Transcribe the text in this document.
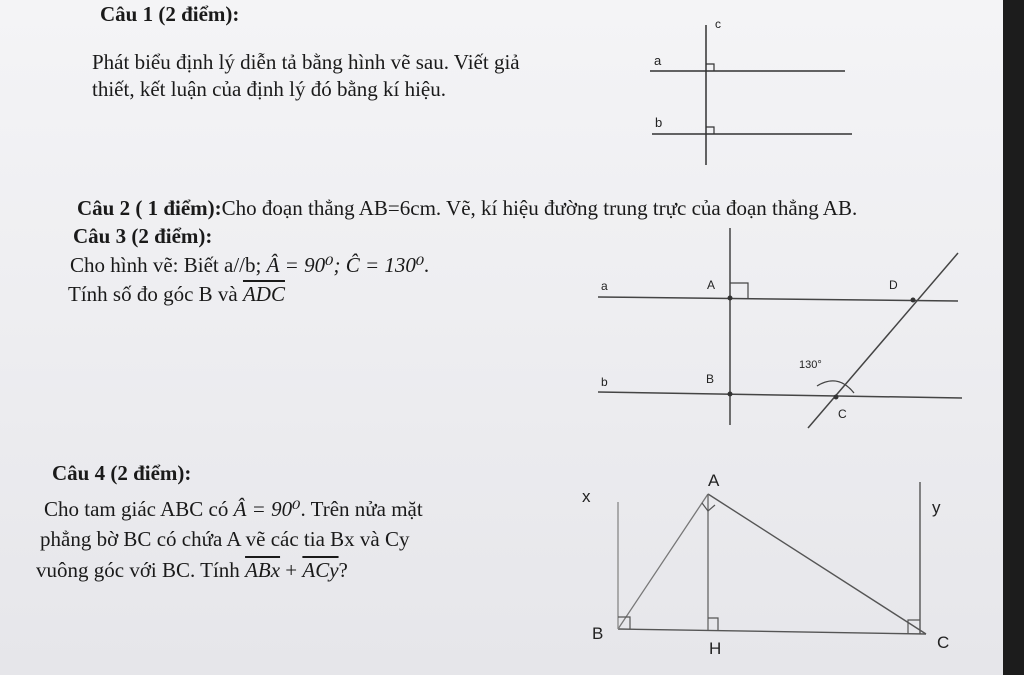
Câu 1 (2 điểm):
Phát biểu định lý diễn tả bằng hình vẽ sau. Viết giả
thiết, kết luận của định lý đó bằng kí hiệu.
c
a
b
Câu 2 ( 1 điểm):Cho đoạn thẳng AB=6cm. Vẽ, kí hiệu đường trung trực của đoạn thẳng AB.
Câu 3 (2 điểm):
Cho hình vẽ: Biết a//b; Â = 90⁰; Ĉ = 130⁰.
Tính số đo góc B và $\overline{ADC}$	a
b
A
B
D
C
130°
Câu 4 (2 điểm):
Cho tam giác ABC có Â = 90⁰. Trên nửa mặt
phẳng bờ BC có chứa A vẽ các tia Bx và Cy
vuông góc với BC. Tính $\overline{ABx} + \overline{ACy}$?
A
B	C
H
x
y
